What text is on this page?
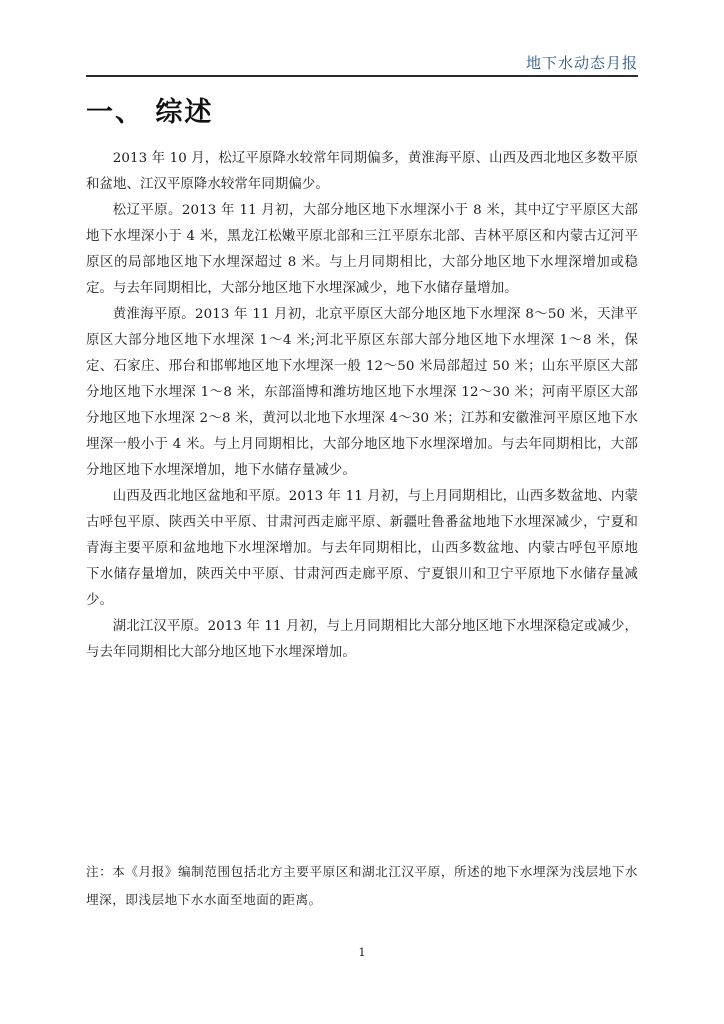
地下水动态月报
一、 综述

2013 年 10 月，松辽平原降水较常年同期偏多，黄淮海平原、山西及西北地区多数平原和盆地、江汉平原降水较常年同期偏少。

松辽平原。2013 年 11 月初，大部分地区地下水埋深小于 8 米，其中辽宁平原区大部地下水埋深小于 4 米，黑龙江松嫩平原北部和三江平原东北部、吉林平原区和内蒙古辽河平原区的局部地区地下水埋深超过 8 米。与上月同期相比，大部分地区地下水埋深增加或稳定。与去年同期相比，大部分地区地下水埋深减少，地下水储存量增加。

黄淮海平原。2013 年 11 月初，北京平原区大部分地区地下水埋深 8～50 米，天津平原区大部分地区地下水埋深 1～4 米;河北平原区东部大部分地区地下水埋深 1～8 米，保定、石家庄、邢台和邯郸地区地下水埋深一般 12～50 米局部超过 50 米；山东平原区大部分地区地下水埋深 1～8 米，东部淄博和潍坊地区地下水埋深 12～30 米；河南平原区大部分地区地下水埋深 2～8 米，黄河以北地下水埋深 4～30 米；江苏和安徽淮河平原区地下水埋深一般小于 4 米。与上月同期相比，大部分地区地下水埋深增加。与去年同期相比，大部分地区地下水埋深增加，地下水储存量减少。

山西及西北地区盆地和平原。2013 年 11 月初，与上月同期相比，山西多数盆地、内蒙古呼包平原、陕西关中平原、甘肃河西走廊平原、新疆吐鲁番盆地地下水埋深减少，宁夏和青海主要平原和盆地地下水埋深增加。与去年同期相比，山西多数盆地、内蒙古呼包平原地下水储存量增加，陕西关中平原、甘肃河西走廊平原、宁夏银川和卫宁平原地下水储存量减少。

湖北江汉平原。2013 年 11 月初，与上月同期相比大部分地区地下水埋深稳定或减少，与去年同期相比大部分地区地下水埋深增加。

注：本《月报》编制范围包括北方主要平原区和湖北江汉平原，所述的地下水埋深为浅层地下水埋深，即浅层地下水水面至地面的距离。

1
